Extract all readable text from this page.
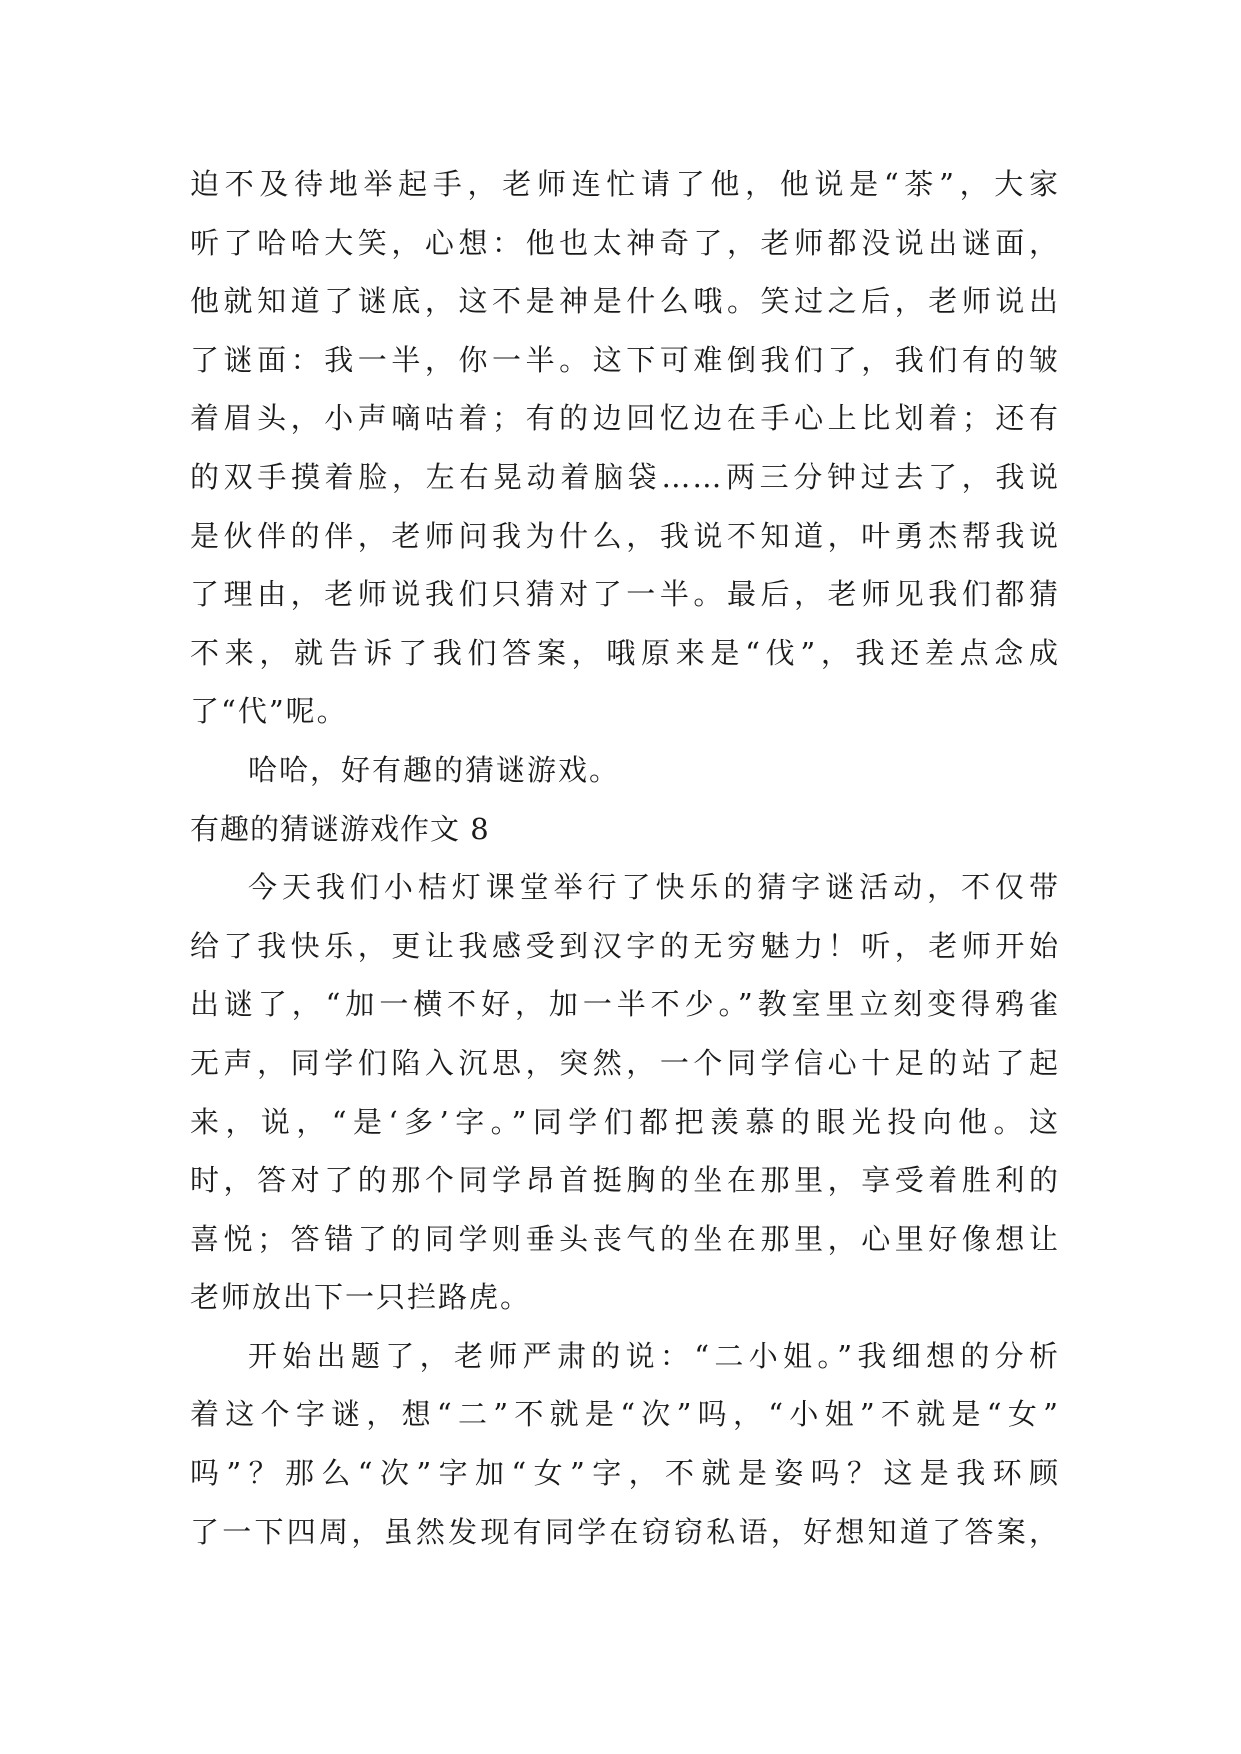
迫不及待地举起手，老师连忙请了他，他说是“茶”，大家
听了哈哈大笑，心想：他也太神奇了，老师都没说出谜面，
他就知道了谜底，这不是神是什么哦。笑过之后，老师说出
了谜面：我一半，你一半。这下可难倒我们了，我们有的皱
着眉头，小声嘀咕着；有的边回忆边在手心上比划着；还有
的双手摸着脸，左右晃动着脑袋……两三分钟过去了，我说
是伙伴的伴，老师问我为什么，我说不知道，叶勇杰帮我说
了理由，老师说我们只猜对了一半。最后，老师见我们都猜
不来，就告诉了我们答案，哦原来是“伐”，我还差点念成
了“代”呢。
哈哈，好有趣的猜谜游戏。
有趣的猜谜游戏作文 8
今天我们小桔灯课堂举行了快乐的猜字谜活动，不仅带
给了我快乐，更让我感受到汉字的无穷魅力！听，老师开始
出谜了，“加一横不好，加一半不少。”教室里立刻变得鸦雀
无声，同学们陷入沉思，突然，一个同学信心十足的站了起
来，说，“是‘多’字。”同学们都把羡慕的眼光投向他。这
时，答对了的那个同学昂首挺胸的坐在那里，享受着胜利的
喜悦；答错了的同学则垂头丧气的坐在那里，心里好像想让
老师放出下一只拦路虎。
开始出题了，老师严肃的说：“二小姐。”我细想的分析
着这个字谜，想“二”不就是“次”吗，“小姐”不就是“女”
吗”？那么“次”字加“女”字，不就是姿吗？这是我环顾
了一下四周，虽然发现有同学在窃窃私语，好想知道了答案，
